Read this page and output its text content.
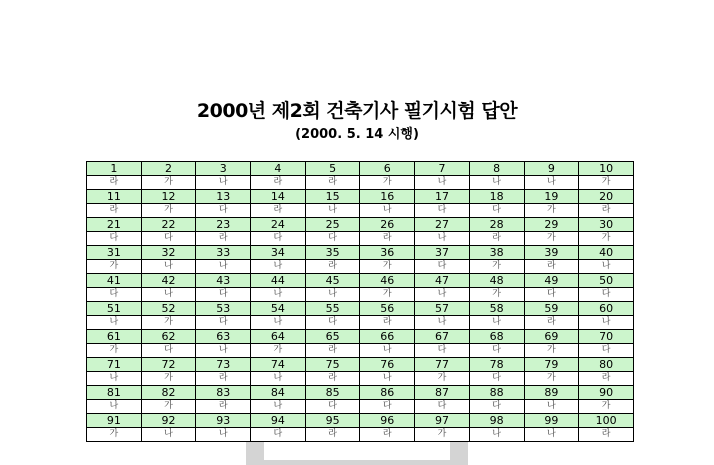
2000년 제2회 건축기사 필기시험 답안
(2000. 5. 14 시행)
1	2	3	4	5	6	7	8	9	10
라	가	나	라	라	가	나	나	나	가
11	12	13	14	15	16	17	18	19	20
라	가	다	라	나	나	다	다	가	라
21	22	23	24	25	26	27	28	29	30
다	다	라	다	다	라	나	라	가	가
31	32	33	34	35	36	37	38	39	40
가	나	나	나	라	가	다	가	라	나
41	42	43	44	45	46	47	48	49	50
다	나	다	나	나	가	나	가	다	다
51	52	53	54	55	56	57	58	59	60
나	가	다	나	다	라	나	나	라	나
61	62	63	64	65	66	67	68	69	70
가	다	나	가	라	나	다	다	가	다
71	72	73	74	75	76	77	78	79	80
나	가	라	나	라	나	가	다	가	라
81	82	83	84	85	86	87	88	89	90
나	가	라	나	다	다	다	다	나	가
91	92	93	94	95	96	97	98	99	100
가	나	나	다	라	라	가	나	나	라
